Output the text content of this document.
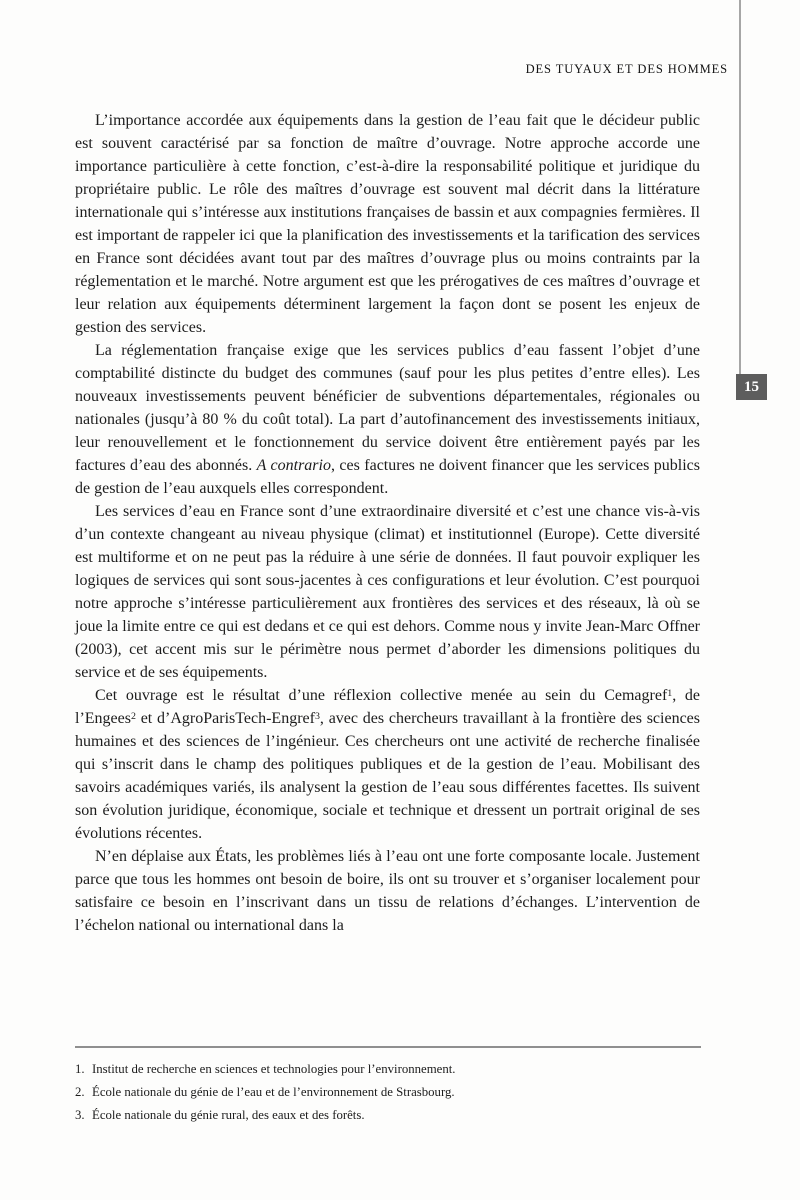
DES TUYAUX ET DES HOMMES
15

L’importance accordée aux équipements dans la gestion de l’eau fait que le décideur public est souvent caractérisé par sa fonction de maître d’ouvrage. Notre approche accorde une importance particulière à cette fonction, c’est-à-dire la responsabilité politique et juridique du propriétaire public. Le rôle des maîtres d’ouvrage est souvent mal décrit dans la littérature internationale qui s’intéresse aux institutions françaises de bassin et aux compagnies fermières. Il est important de rappeler ici que la planification des investissements et la tarification des services en France sont décidées avant tout par des maîtres d’ouvrage plus ou moins contraints par la réglementation et le marché. Notre argument est que les prérogatives de ces maîtres d’ouvrage et leur relation aux équipements déterminent largement la façon dont se posent les enjeux de gestion des services.

La réglementation française exige que les services publics d’eau fassent l’objet d’une comptabilité distincte du budget des communes (sauf pour les plus petites d’entre elles). Les nouveaux investissements peuvent bénéficier de subventions départementales, régionales ou nationales (jusqu’à 80 % du coût total). La part d’autofinancement des investissements initiaux, leur renouvellement et le fonctionnement du service doivent être entièrement payés par les factures d’eau des abonnés. A contrario, ces factures ne doivent financer que les services publics de gestion de l’eau auxquels elles correspondent.

Les services d’eau en France sont d’une extraordinaire diversité et c’est une chance vis-à-vis d’un contexte changeant au niveau physique (climat) et institutionnel (Europe). Cette diversité est multiforme et on ne peut pas la réduire à une série de données. Il faut pouvoir expliquer les logiques de services qui sont sous-jacentes à ces configurations et leur évolution. C’est pourquoi notre approche s’intéresse particulièrement aux frontières des services et des réseaux, là où se joue la limite entre ce qui est dedans et ce qui est dehors. Comme nous y invite Jean-Marc Offner (2003), cet accent mis sur le périmètre nous permet d’aborder les dimensions politiques du service et de ses équipements.

Cet ouvrage est le résultat d’une réflexion collective menée au sein du Cemagref$^1$, de l’Engees$^2$ et d’AgroParisTech-Engref$^3$, avec des chercheurs travaillant à la frontière des sciences humaines et des sciences de l’ingénieur. Ces chercheurs ont une activité de recherche finalisée qui s’inscrit dans le champ des politiques publiques et de la gestion de l’eau. Mobilisant des savoirs académiques variés, ils analysent la gestion de l’eau sous différentes facettes. Ils suivent son évolution juridique, économique, sociale et technique et dressent un portrait original de ses évolutions récentes.

N’en déplaise aux États, les problèmes liés à l’eau ont une forte composante locale. Justement parce que tous les hommes ont besoin de boire, ils ont su trouver et s’organiser localement pour satisfaire ce besoin en l’inscrivant dans un tissu de relations d’échanges. L’intervention de l’échelon national ou international dans la

1. Institut de recherche en sciences et technologies pour l’environnement.
2. École nationale du génie de l’eau et de l’environnement de Strasbourg.
3. École nationale du génie rural, des eaux et des forêts.
